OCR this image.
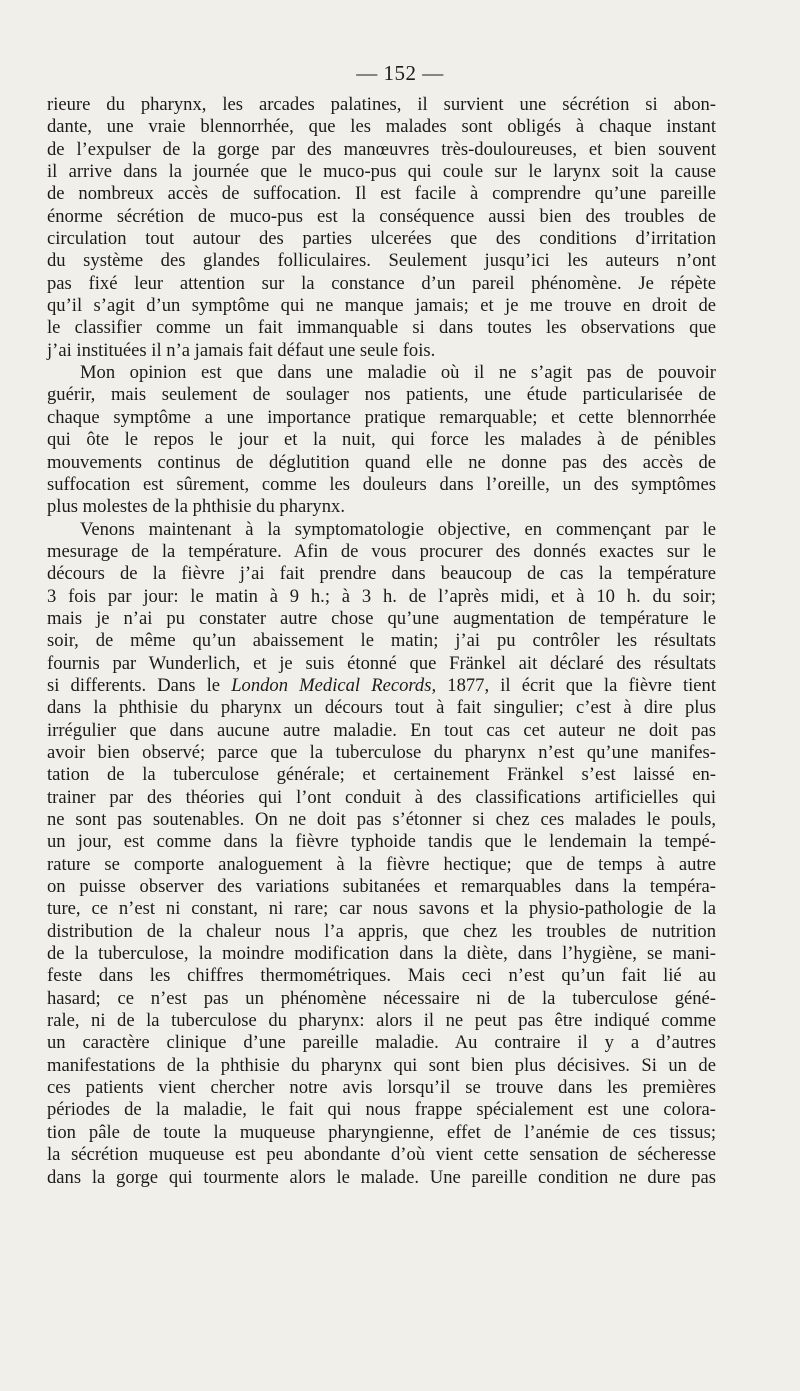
— 152 —
rieure du pharynx, les arcades palatines, il survient une sécrétion si abon-
dante, une vraie blennorrhée, que les malades sont obligés à chaque instant
de l’expulser de la gorge par des manœuvres très-douloureuses, et bien souvent
il arrive dans la journée que le muco-pus qui coule sur le larynx soit la cause
de nombreux accès de suffocation. Il est facile à comprendre qu’une pareille
énorme sécrétion de muco-pus est la conséquence aussi bien des troubles de
circulation tout autour des parties ulcerées que des conditions d’irritation
du système des glandes folliculaires. Seulement jusqu’ici les auteurs n’ont
pas fixé leur attention sur la constance d’un pareil phénomène. Je répète
qu’il s’agit d’un symptôme qui ne manque jamais; et je me trouve en droit de
le classifier comme un fait immanquable si dans toutes les observations que
j’ai instituées il n’a jamais fait défaut une seule fois.
Mon opinion est que dans une maladie où il ne s’agit pas de pouvoir
guérir, mais seulement de soulager nos patients, une étude particularisée de
chaque symptôme a une importance pratique remarquable; et cette blennorrhée
qui ôte le repos le jour et la nuit, qui force les malades à de pénibles
mouvements continus de déglutition quand elle ne donne pas des accès de
suffocation est sûrement, comme les douleurs dans l’oreille, un des symptômes
plus molestes de la phthisie du pharynx.
Venons maintenant à la symptomatologie objective, en commençant par le
mesurage de la température. Afin de vous procurer des donnés exactes sur le
décours de la fièvre j’ai fait prendre dans beaucoup de cas la température
3 fois par jour: le matin à 9 h.; à 3 h. de l’après midi, et à 10 h. du soir;
mais je n’ai pu constater autre chose qu’une augmentation de température le
soir, de même qu’un abaissement le matin; j’ai pu contrôler les résultats
fournis par Wunderlich, et je suis étonné que Fränkel ait déclaré des résultats
si differents. Dans le London Medical Records, 1877, il écrit que la fièvre tient
dans la phthisie du pharynx un décours tout à fait singulier; c’est à dire plus
irrégulier que dans aucune autre maladie. En tout cas cet auteur ne doit pas
avoir bien observé; parce que la tuberculose du pharynx n’est qu’une manifes-
tation de la tuberculose générale; et certainement Fränkel s’est laissé en-
trainer par des théories qui l’ont conduit à des classifications artificielles qui
ne sont pas soutenables. On ne doit pas s’étonner si chez ces malades le pouls,
un jour, est comme dans la fièvre typhoide tandis que le lendemain la tempé-
rature se comporte analoguement à la fièvre hectique; que de temps à autre
on puisse observer des variations subitanées et remarquables dans la tempéra-
ture, ce n’est ni constant, ni rare; car nous savons et la physio-pathologie de la
distribution de la chaleur nous l’a appris, que chez les troubles de nutrition
de la tuberculose, la moindre modification dans la diète, dans l’hygiène, se mani-
feste dans les chiffres thermométriques. Mais ceci n’est qu’un fait lié au
hasard; ce n’est pas un phénomène nécessaire ni de la tuberculose géné-
rale, ni de la tuberculose du pharynx: alors il ne peut pas être indiqué comme
un caractère clinique d’une pareille maladie. Au contraire il y a d’autres
manifestations de la phthisie du pharynx qui sont bien plus décisives. Si un de
ces patients vient chercher notre avis lorsqu’il se trouve dans les premières
périodes de la maladie, le fait qui nous frappe spécialement est une colora-
tion pâle de toute la muqueuse pharyngienne, effet de l’anémie de ces tissus;
la sécrétion muqueuse est peu abondante d’où vient cette sensation de sécheresse
dans la gorge qui tourmente alors le malade. Une pareille condition ne dure pas
